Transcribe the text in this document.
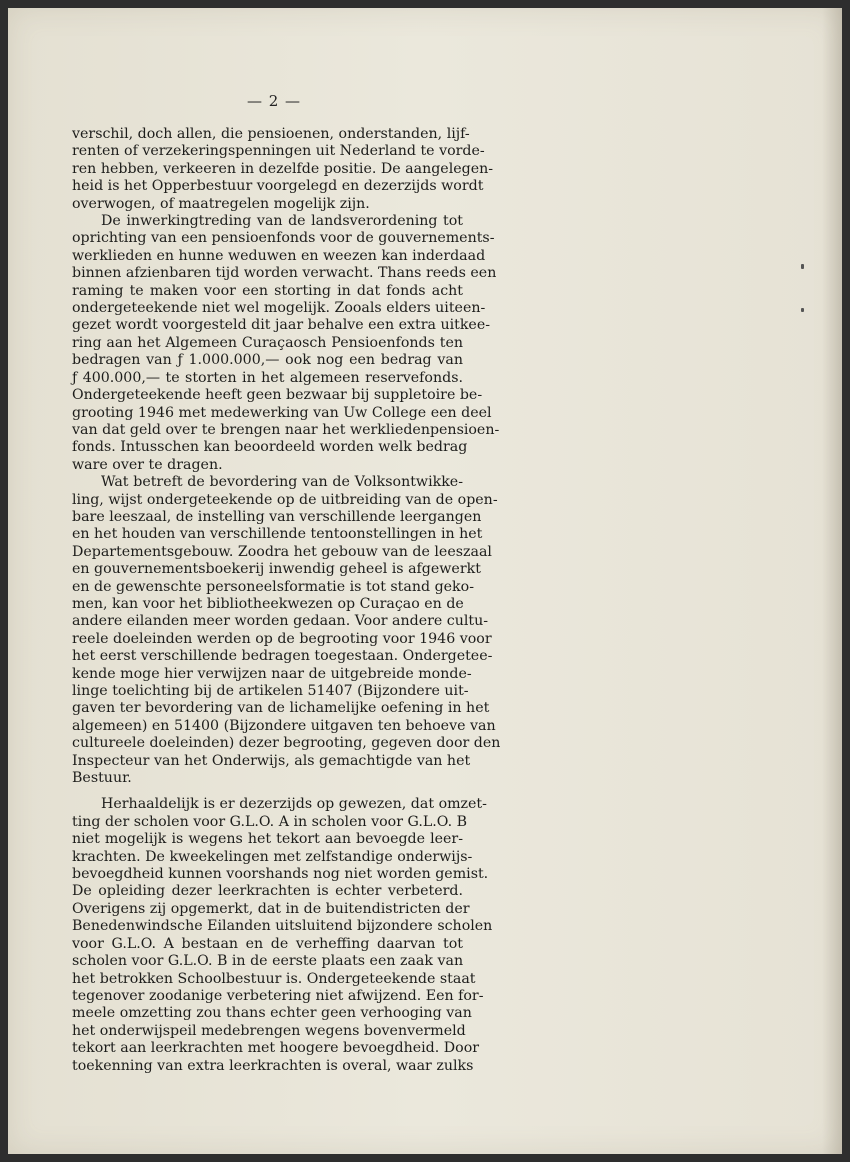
— 2 —
verschil, doch allen, die pensioenen, onderstanden, lijf-
renten of verzekeringspenningen uit Nederland te vorde-
ren hebben, verkeeren in dezelfde positie. De aangelegen-
heid is het Opperbestuur voorgelegd en dezerzijds wordt
overwogen, of maatregelen mogelijk zijn.
De inwerkingtreding van de landsverordening tot
oprichting van een pensioenfonds voor de gouvernements-
werklieden en hunne weduwen en weezen kan inderdaad
binnen afzienbaren tijd worden verwacht. Thans reeds een
raming te maken voor een storting in dat fonds acht
ondergeteekende niet wel mogelijk. Zooals elders uiteen-
gezet wordt voorgesteld dit jaar behalve een extra uitkee-
ring aan het Algemeen Curaçaosch Pensioenfonds ten
bedragen van ƒ 1.000.000,— ook nog een bedrag van
ƒ 400.000,— te storten in het algemeen reservefonds.
Ondergeteekende heeft geen bezwaar bij suppletoire be-
grooting 1946 met medewerking van Uw College een deel
van dat geld over te brengen naar het werkliedenpensioen-
fonds. Intusschen kan beoordeeld worden welk bedrag
ware over te dragen.
Wat betreft de bevordering van de Volksontwikke-
ling, wijst ondergeteekende op de uitbreiding van de open-
bare leeszaal, de instelling van verschillende leergangen
en het houden van verschillende tentoonstellingen in het
Departementsgebouw. Zoodra het gebouw van de leeszaal
en gouvernementsboekerij inwendig geheel is afgewerkt
en de gewenschte personeelsformatie is tot stand geko-
men, kan voor het bibliotheekwezen op Curaçao en de
andere eilanden meer worden gedaan. Voor andere cultu-
reele doeleinden werden op de begrooting voor 1946 voor
het eerst verschillende bedragen toegestaan. Ondergetee-
kende moge hier verwijzen naar de uitgebreide monde-
linge toelichting bij de artikelen 51407 (Bijzondere uit-
gaven ter bevordering van de lichamelijke oefening in het
algemeen) en 51400 (Bijzondere uitgaven ten behoeve van
cultureele doeleinden) dezer begrooting, gegeven door den
Inspecteur van het Onderwijs, als gemachtigde van het
Bestuur.
Herhaaldelijk is er dezerzijds op gewezen, dat omzet-
ting der scholen voor G.L.O. A in scholen voor G.L.O. B
niet mogelijk is wegens het tekort aan bevoegde leer-
krachten. De kweekelingen met zelfstandige onderwijs-
bevoegdheid kunnen voorshands nog niet worden gemist.
De opleiding dezer leerkrachten is echter verbeterd.
Overigens zij opgemerkt, dat in de buitendistricten der
Benedenwindsche Eilanden uitsluitend bijzondere scholen
voor G.L.O. A bestaan en de verheffing daarvan tot
scholen voor G.L.O. B in de eerste plaats een zaak van
het betrokken Schoolbestuur is. Ondergeteekende staat
tegenover zoodanige verbetering niet afwijzend. Een for-
meele omzetting zou thans echter geen verhooging van
het onderwijspeil medebrengen wegens bovenvermeld
tekort aan leerkrachten met hoogere bevoegdheid. Door
toekenning van extra leerkrachten is overal, waar zulks
